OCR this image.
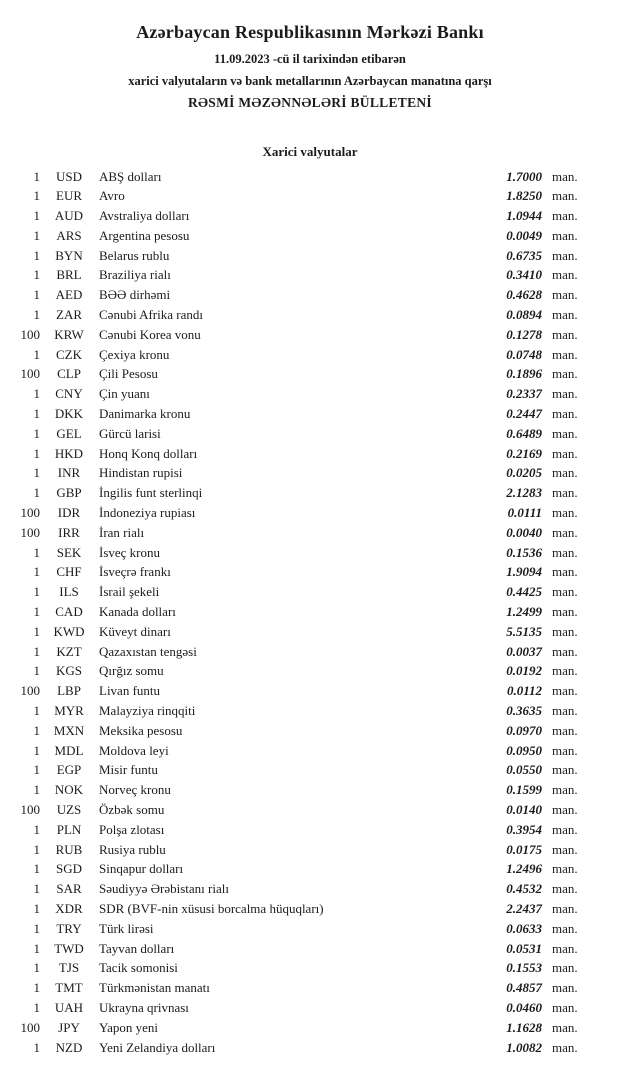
Azərbaycan Respublikasının Mərkəzi Bankı
11.09.2023 -cü il tarixindən etibarən
xarici valyutaların və bank metallarının Azərbaycan manatına qarşı
RƏSMİ MƏZƏNNƏLƏRİ BÜLLETENİ
Xarici valyutalar
1	USD	ABŞ dolları	1.7000 man.
1	EUR	Avro	1.8250 man.
1	AUD	Avstraliya dolları	1.0944 man.
1	ARS	Argentina pesosu	0.0049 man.
1	BYN	Belarus rublu	0.6735 man.
1	BRL	Braziliya rialı	0.3410 man.
1	AED	BƏƏ dirhəmi	0.4628 man.
1	ZAR	Cənubi Afrika randı	0.0894 man.
100	KRW	Cənubi Korea vonu	0.1278 man.
1	CZK	Çexiya kronu	0.0748 man.
100	CLP	Çili Pesosu	0.1896 man.
1	CNY	Çin yuanı	0.2337 man.
1	DKK	Danimarka kronu	0.2447 man.
1	GEL	Gürcü larisi	0.6489 man.
1	HKD	Honq Konq dolları	0.2169 man.
1	INR	Hindistan rupisi	0.0205 man.
1	GBP	İngilis funt sterlinqi	2.1283 man.
100	IDR	İndoneziya rupiası	0.0111 man.
100	IRR	İran rialı	0.0040 man.
1	SEK	İsveç kronu	0.1536 man.
1	CHF	İsveçrə frankı	1.9094 man.
1	ILS	İsrail şekeli	0.4425 man.
1	CAD	Kanada dolları	1.2499 man.
1	KWD	Küveyt dinarı	5.5135 man.
1	KZT	Qazaxıstan tengəsi	0.0037 man.
1	KGS	Qırğız somu	0.0192 man.
100	LBP	Livan funtu	0.0112 man.
1	MYR	Malayziya rinqqiti	0.3635 man.
1	MXN	Meksika pesosu	0.0970 man.
1	MDL	Moldova leyi	0.0950 man.
1	EGP	Misir funtu	0.0550 man.
1	NOK	Norveç kronu	0.1599 man.
100	UZS	Özbək somu	0.0140 man.
1	PLN	Polşa zlotası	0.3954 man.
1	RUB	Rusiya rublu	0.0175 man.
1	SGD	Sinqapur dolları	1.2496 man.
1	SAR	Səudiyyə Ərəbistanı rialı	0.4532 man.
1	XDR	SDR (BVF-nin xüsusi borcalma hüquqları)	2.2437 man.
1	TRY	Türk lirəsi	0.0633 man.
1	TWD	Tayvan dolları	0.0531 man.
1	TJS	Tacik somonisi	0.1553 man.
1	TMT	Türkmənistan manatı	0.4857 man.
1	UAH	Ukrayna qrivnası	0.0460 man.
100	JPY	Yapon yeni	1.1628 man.
1	NZD	Yeni Zelandiya dolları	1.0082 man.
